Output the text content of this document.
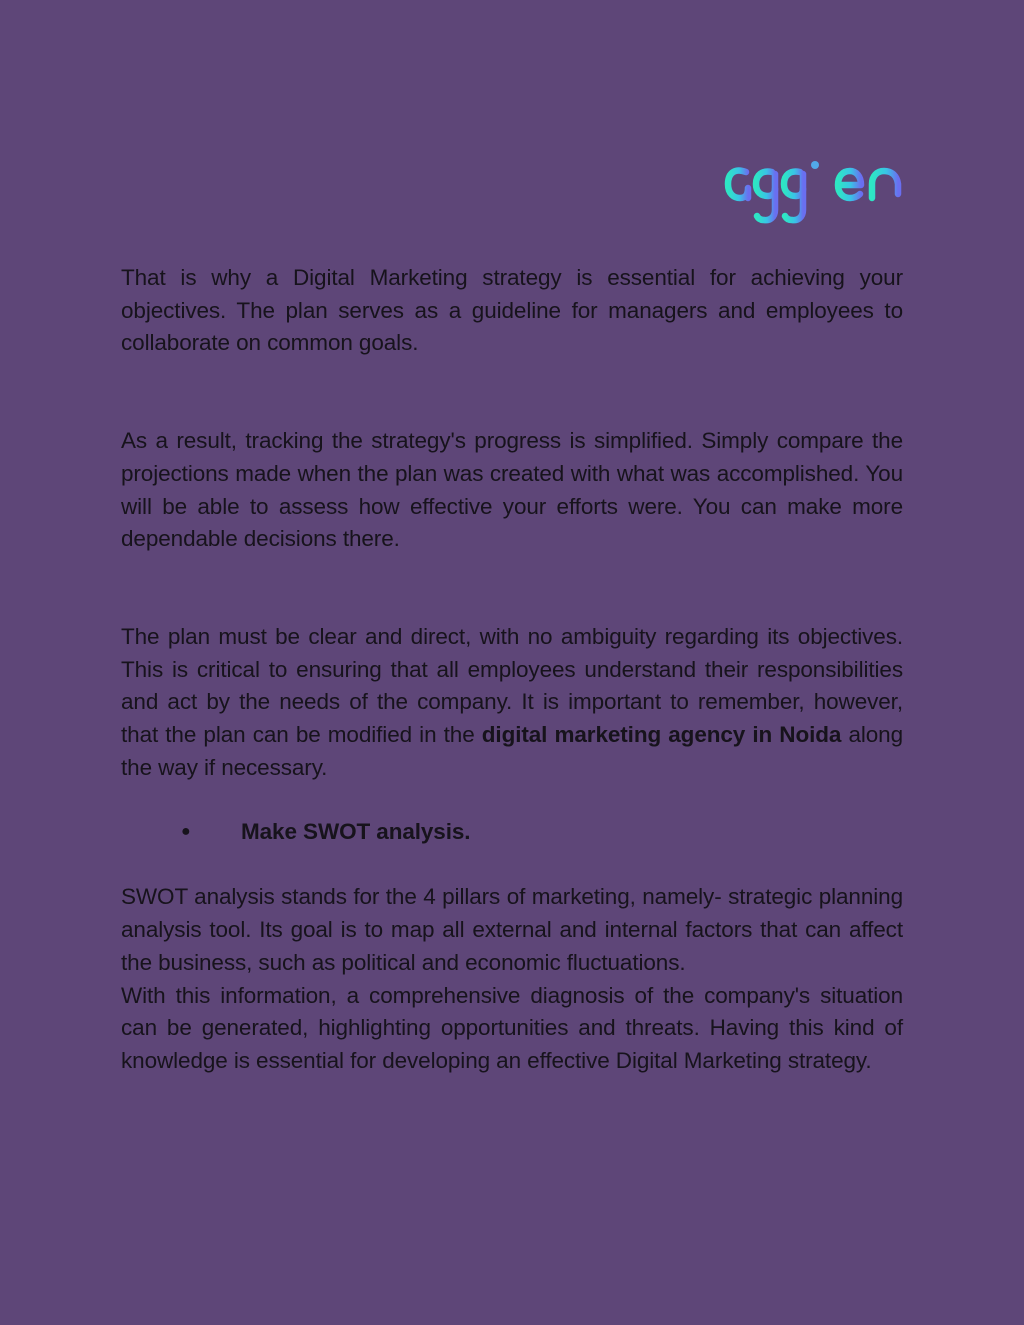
That is why a Digital Marketing strategy is essential for achieving your objectives. The plan serves as a guideline for managers and employees to collaborate on common goals.

As a result, tracking the strategy's progress is simplified. Simply compare the projections made when the plan was created with what was accomplished. You will be able to assess how effective your efforts were. You can make more dependable decisions there.

The plan must be clear and direct, with no ambiguity regarding its objectives. This is critical to ensuring that all employees understand their responsibilities and act by the needs of the company. It is important to remember, however, that the plan can be modified in the digital marketing agency in Noida along the way if necessary.

● Make SWOT analysis.

SWOT analysis stands for the 4 pillars of marketing, namely- strategic planning analysis tool. Its goal is to map all external and internal factors that can affect the business, such as political and economic fluctuations.

With this information, a comprehensive diagnosis of the company's situation can be generated, highlighting opportunities and threats. Having this kind of knowledge is essential for developing an effective Digital Marketing strategy.
